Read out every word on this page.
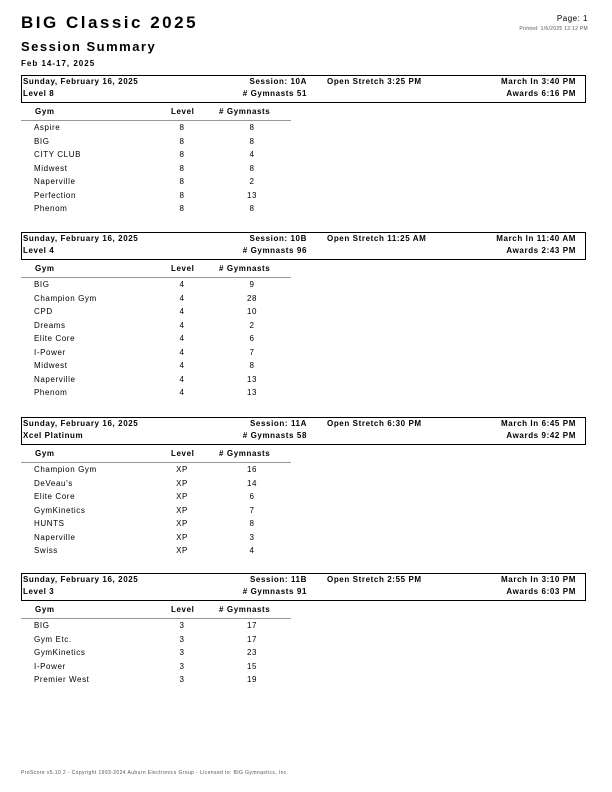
BIG Classic 2025
Session Summary
Feb 14-17, 2025
Page: 1
Printed: 1/6/2025 12:12 PM
Sunday, February 16, 2025	Session: 10A	Open Stretch 3:25 PM	March In 3:40 PM
Level 8	# Gymnasts 51	Awards 6:16 PM
Gym	Level	# Gymnasts
Aspire	8	8
BIG	8	8
CITY CLUB	8	4
Midwest	8	8
Naperville	8	2
Perfection	8	13
Phenom	8	8
Sunday, February 16, 2025	Session: 10B	Open Stretch 11:25 AM	March In 11:40 AM
Level 4	# Gymnasts 96	Awards 2:43 PM
Gym	Level	# Gymnasts
BIG	4	9
Champion Gym	4	28
CPD	4	10
Dreams	4	2
Elite Core	4	6
I-Power	4	7
Midwest	4	8
Naperville	4	13
Phenom	4	13
Sunday, February 16, 2025	Session: 11A	Open Stretch 6:30 PM	March In 6:45 PM
Xcel Platinum	# Gymnasts 58	Awards 9:42 PM
Gym	Level	# Gymnasts
Champion Gym	XP	16
DeVeau's	XP	14
Elite Core	XP	6
GymKinetics	XP	7
HUNTS	XP	8
Naperville	XP	3
Swiss	XP	4
Sunday, February 16, 2025	Session: 11B	Open Stretch 2:55 PM	March In 3:10 PM
Level 3	# Gymnasts 91	Awards 6:03 PM
Gym	Level	# Gymnasts
BIG	3	17
Gym Etc.	3	17
GymKinetics	3	23
I-Power	3	15
Premier West	3	19
ProScore v5.10.2 - Copyright 1993-2024 Auburn Electronics Group - Licensed to: BIG Gymnastics, Inc.
